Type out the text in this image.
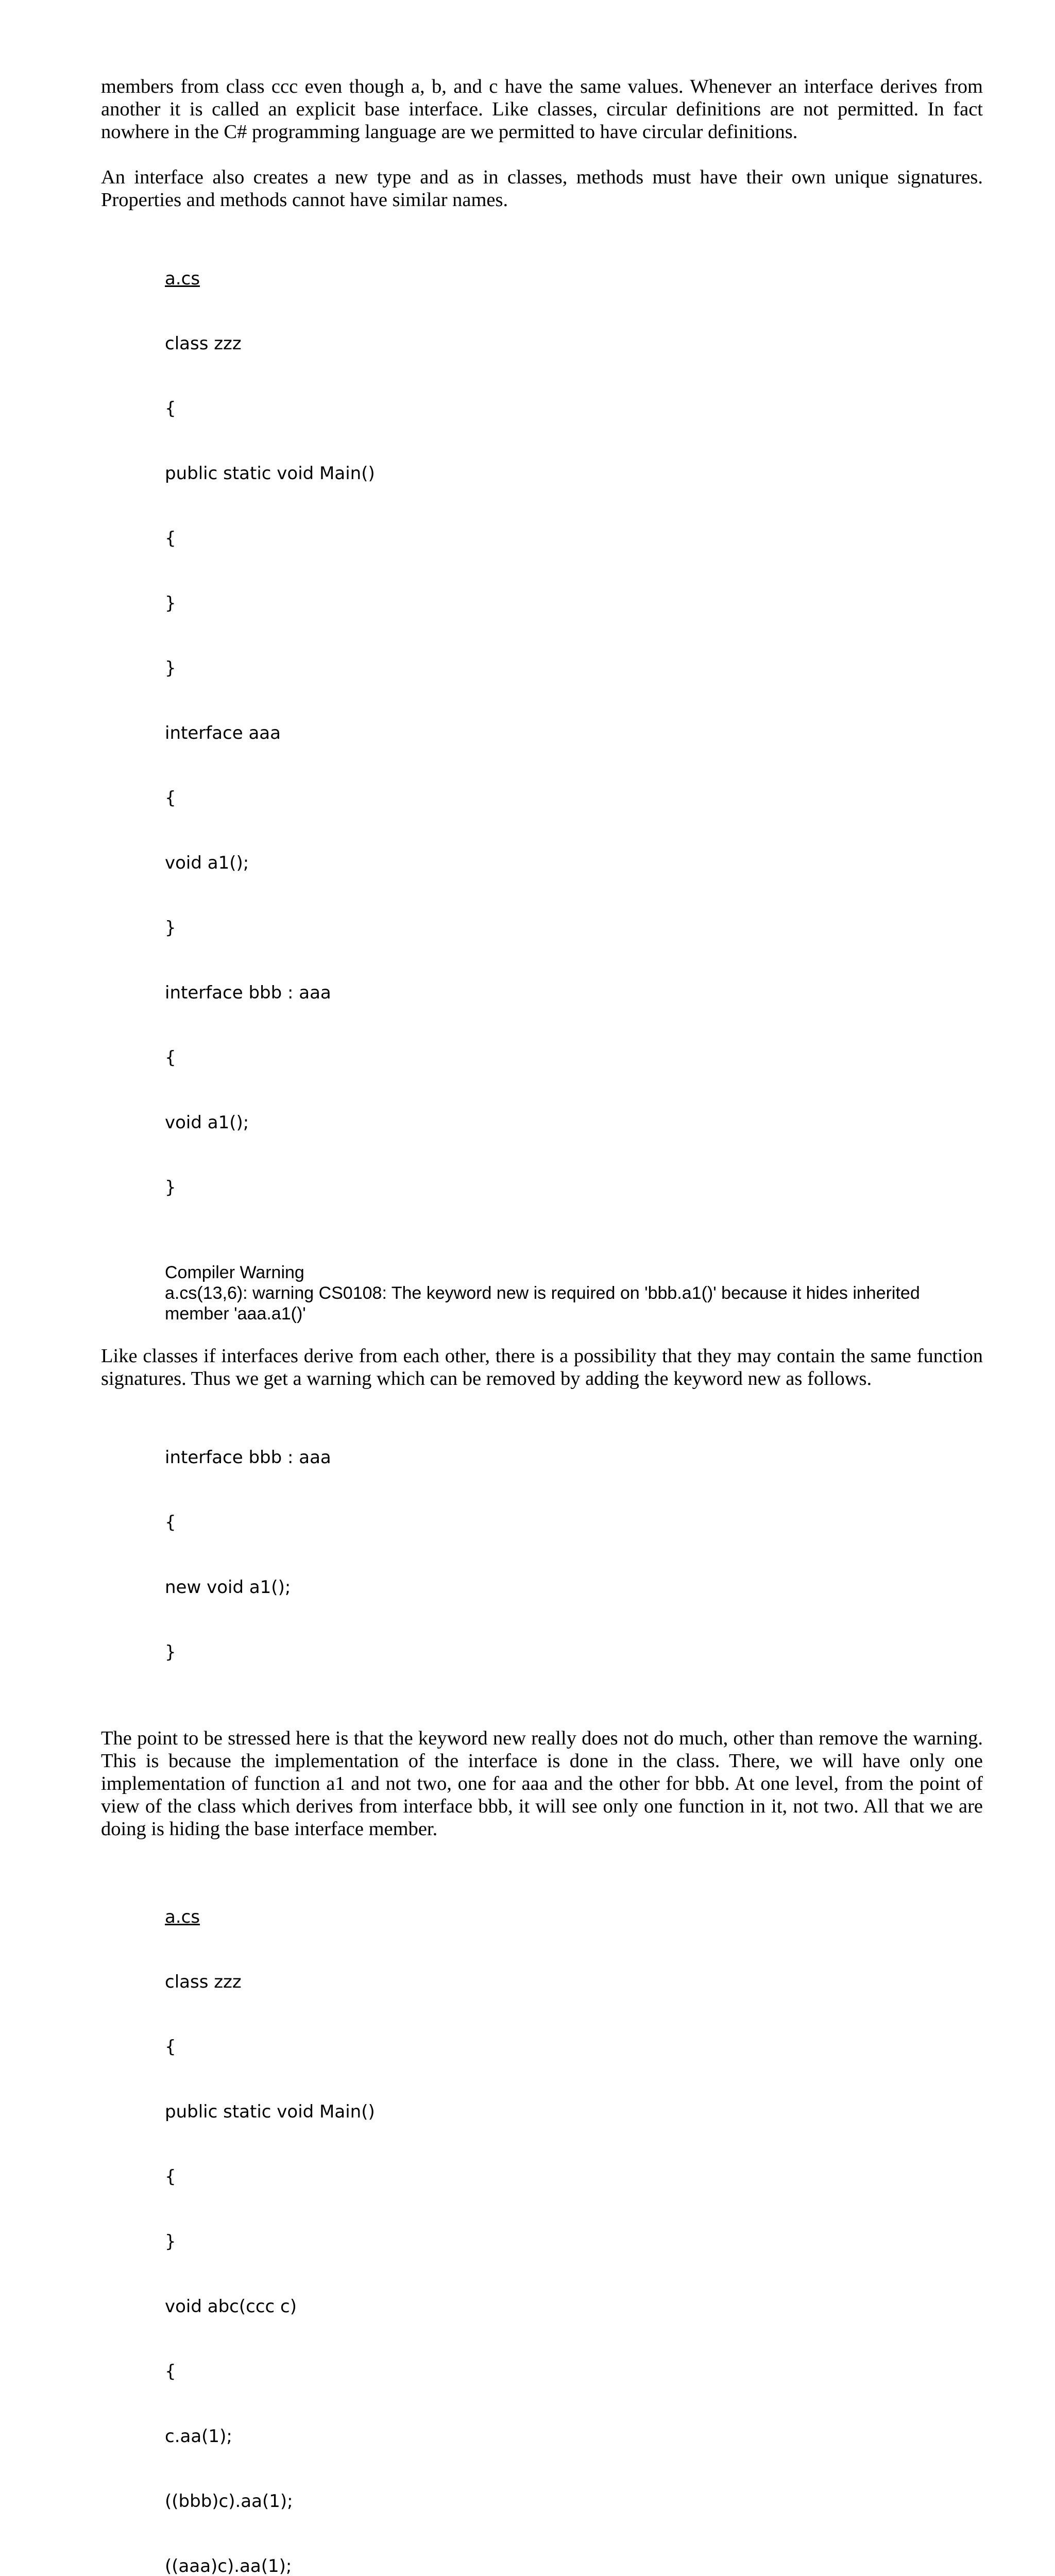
members from class ccc even though a, b, and c have the same values. Whenever an interface derives from another it is called an explicit base interface. Like classes, circular definitions are not permitted. In fact nowhere in the C# programming language are we permitted to have circular definitions.

An interface also creates a new type and as in classes, methods must have their own unique signatures. Properties and methods cannot have similar names.

a.cs

class zzz

{

public static void Main()

{

}

}

interface aaa

{

void a1();

}

interface bbb : aaa

{

void a1();

}

Compiler Warning
a.cs(13,6): warning CS0108: The keyword new is required on 'bbb.a1()' because it hides inherited
member 'aaa.a1()'

Like classes if interfaces derive from each other, there is a possibility that they may contain the same function signatures. Thus we get a warning which can be removed by adding the keyword new as follows.

interface bbb : aaa

{

new void a1();

}

The point to be stressed here is that the keyword new really does not do much, other than remove the warning. This is because the implementation of the interface is done in the class. There, we will have only one implementation of function a1 and not two, one for aaa and the other for bbb. At one level, from the point of view of the class which derives from interface bbb, it will see only one function in it, not two. All that we are doing is hiding the base interface member.

a.cs

class zzz

{

public static void Main()

{

}

void abc(ccc c)

{

c.aa(1);

((bbb)c).aa(1);

((aaa)c).aa(1);
